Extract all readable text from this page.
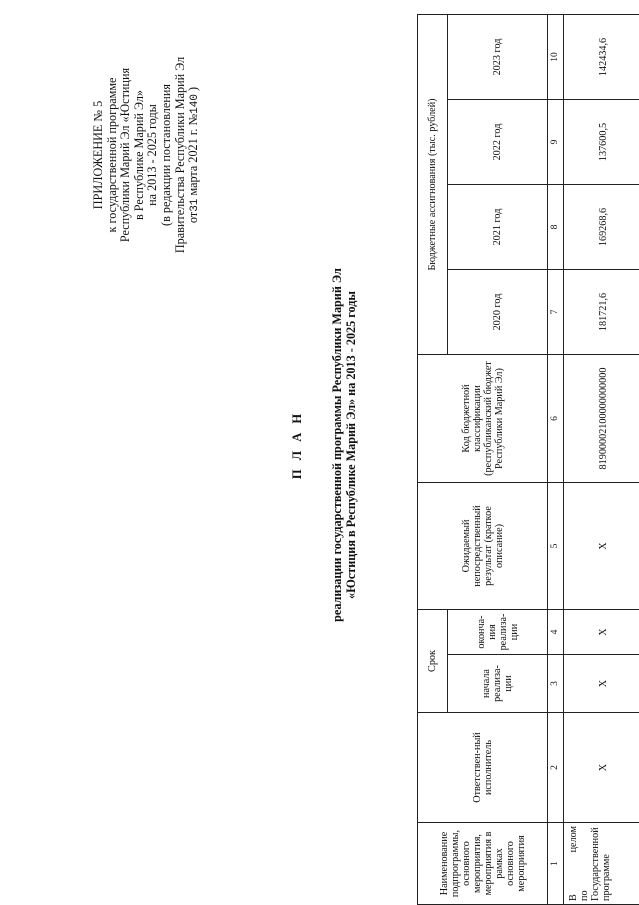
ПРИЛОЖЕНИЕ № 5 к государственной программе Республики Марий Эл «Юстиция в Республике Марий Эл» на 2013 - 2025 годы (в редакции постановления Правительства Республики Марий Эл от31 марта 2021 г. №140 )
П Л А Н реализации государственной программы Республики Марий Эл «Юстиция в Республике Марий Эл» на 2013 - 2025 годы
Наименование подпрограммы, основного мероприятия, мероприятия в рамках основного мероприятия	Ответствен-ный исполнитель	Срок		Ожидаемый непосредственный результат (краткое описание)	Код бюджетной классификации (республиканский бюджет Республики Марий Эл)	Бюджетные ассигнования (тыс. рублей)			
		начала реализа-ции	оконча-ния реализа-ции			2020 год	2021 год	2022 год	2023 год
1	2	3	4	5	6	7	8	9	10

В
целом
по Государственной программе	Х	Х	Х	Х	81900002100000000000	181721,6	169268,6	137600,5	142434,6
